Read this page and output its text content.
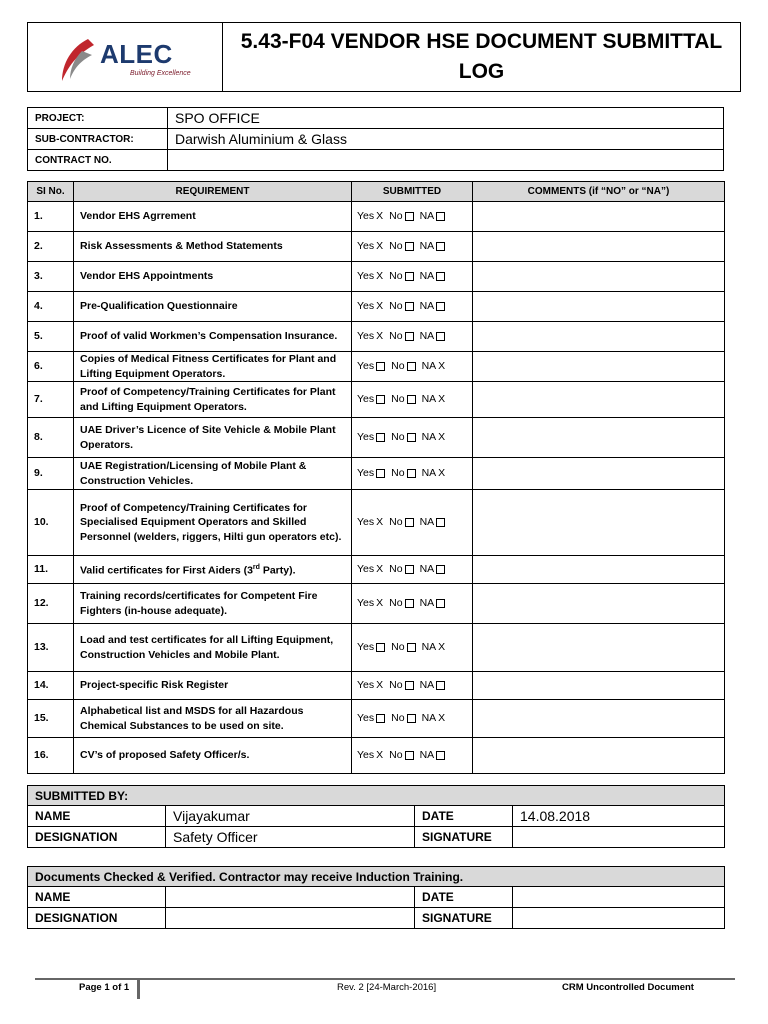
ALEC
Building Excellence
	5.43-F04 VENDOR HSE DOCUMENT SUBMITTAL LOG
PROJECT:	SPO OFFICE
SUB-CONTRACTOR:	Darwish Aluminium & Glass
CONTRACT NO.	
SI No.	REQUIREMENT	SUBMITTED	COMMENTS (if “NO” or “NA”)
1.	Vendor EHS Agrrement	Yes X No NA	
2.	Risk Assessments & Method Statements	Yes X No NA	
3.	Vendor EHS Appointments	Yes X No NA	
4.	Pre-Qualification Questionnaire	Yes X No NA	
5.	Proof of valid Workmen’s Compensation Insurance.	Yes X No NA	
6.	Copies of Medical Fitness Certificates for Plant and Lifting Equipment Operators.	Yes No NA X	
7.	Proof of Competency/Training Certificates for Plant and Lifting Equipment Operators.	Yes No NA X	
8.	UAE Driver’s Licence of Site Vehicle & Mobile Plant Operators.	Yes No NA X	
9.	UAE Registration/Licensing of Mobile Plant & Construction Vehicles.	Yes No NA X	
10.	Proof of Competency/Training Certificates for Specialised Equipment Operators and Skilled Personnel (welders, riggers, Hilti gun operators etc).	Yes X No NA	
11.	Valid certificates for First Aiders (3rd Party).	Yes X No NA	
12.	Training records/certificates for Competent Fire Fighters (in-house adequate).	Yes X No NA	
13.	Load and test certificates for all Lifting Equipment, Construction Vehicles and Mobile Plant.	Yes No NA X	
14.	Project-specific Risk Register	Yes X No NA	
15.	Alphabetical list and MSDS for all Hazardous Chemical Substances to be used on site.	Yes No NA X	
16.	CV’s of proposed Safety Officer/s.	Yes X No NA	
SUBMITTED BY:			
NAME	Vijayakumar	DATE	14.08.2018
DESIGNATION	Safety Officer	SIGNATURE	
Documents Checked & Verified. Contractor may receive Induction Training.			
NAME		DATE	
DESIGNATION		SIGNATURE	
Page 1 of 1	Rev. 2 [24-March-2016]	CRM Uncontrolled Document
